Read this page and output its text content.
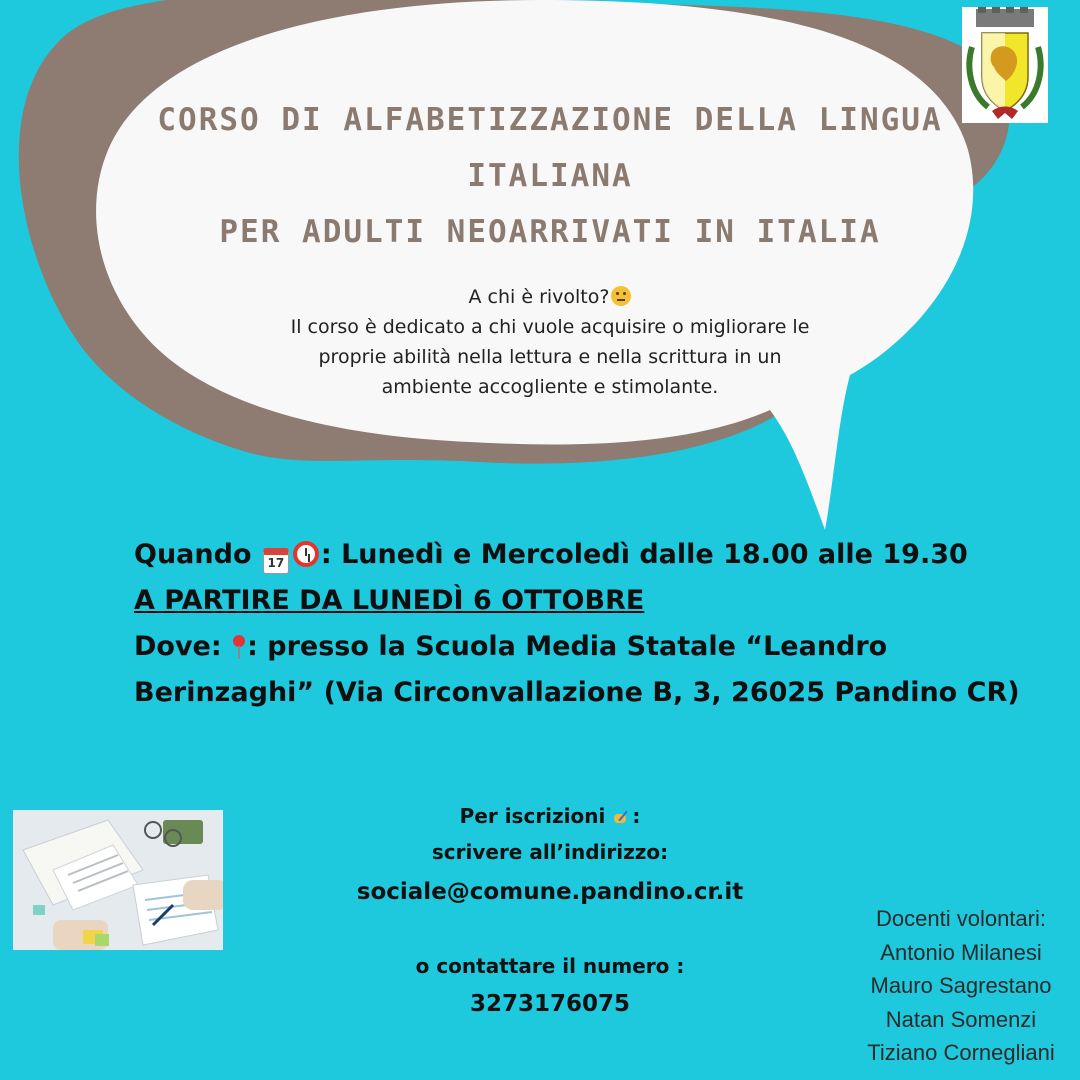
CORSO DI ALFABETIZZAZIONE DELLA LINGUA
ITALIANA
PER ADULTI NEOARRIVATI IN ITALIA
A chi è rivolto?
Il corso è dedicato a chi vuole acquisire o migliorare le
proprie abilità nella lettura e nella scrittura in un
ambiente accogliente e stimolante.
Quando 17 : Lunedì e Mercoledì dalle 18.00 alle 19.30
A PARTIRE DA LUNEDÌ 6 OTTOBRE
Dove: : presso la Scuola Media Statale “Leandro
Berinzaghi” (Via Circonvallazione B, 3, 26025 Pandino CR)
Per iscrizioni :
scrivere all’indirizzo:
sociale@comune.pandino.cr.it
o contattare il numero :
3273176075
Docenti volontari:
Antonio Milanesi
Mauro Sagrestano
Natan Somenzi
Tiziano Cornegliani
